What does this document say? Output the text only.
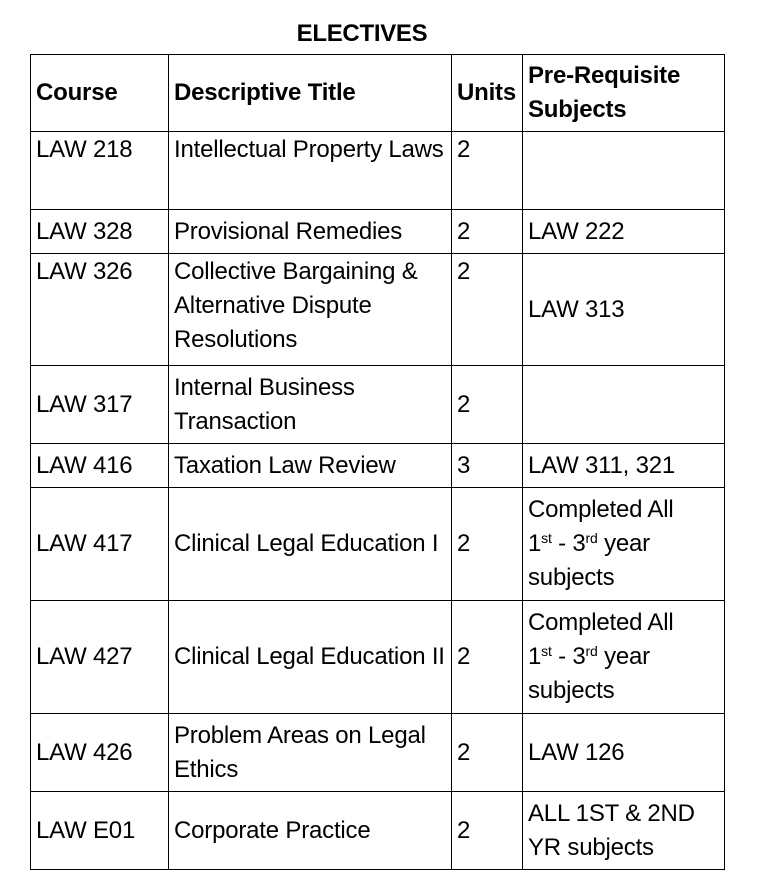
ELECTIVES
Course	Descriptive Title	Units	Pre-Requisite Subjects
LAW 218	Intellectual Property Laws	2	
LAW 328	Provisional Remedies	2	LAW 222
LAW 326	Collective Bargaining & Alternative Dispute Resolutions	2	LAW 313
LAW 317	Internal Business Transaction	2	
LAW 416	Taxation Law Review	3	LAW 311, 321
LAW 417	Clinical Legal Education I	2	Completed All
1st - 3rd year
subjects
LAW 427	Clinical Legal Education II	2	Completed All
1st - 3rd year
subjects
LAW 426	Problem Areas on Legal Ethics	2	LAW 126
LAW E01	Corporate Practice	2	ALL 1ST & 2ND YR subjects
